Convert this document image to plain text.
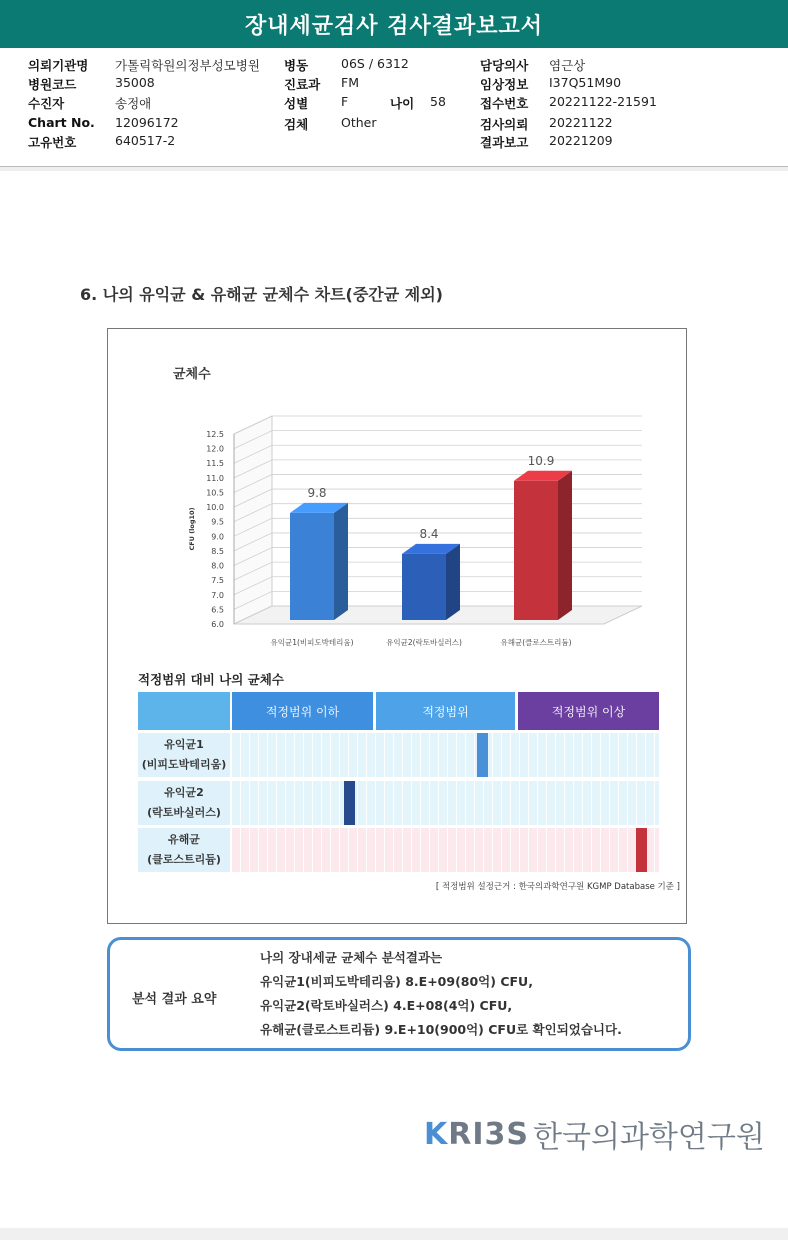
장내세균검사 검사결과보고서
의뢰기관명 가톨릭학원의정부성모병원 병동	06S / 6312	담당의사 염근상
병원코드	35008	진료과 FM	임상정보 I37Q51M90
수진자	송정애	성별	F	나이 58	접수번호 20221122-21591
Chart No. 12096172	검체	Other	검사의뢰 20221122
고유번호	640517-2	결과보고 20221209
6. 나의 유익균 & 유해균 균체수 차트(중간균 제외)
균체수
6.0
6.5
7.0
7.5
8.0
8.5
9.0
9.5
10.0
10.5
11.0
11.5
12.0
12.5
CFU (log10)
9.8
유익균1(비피도박테리움)
8.4
유익균2(락토바실러스)
10.9
유해균(클로스트리듐)
적정범위 대비 나의 균체수
적정범위 이하	적정범위	적정범위 이상
유익균1
(비피도박테리움)
유익균2
(락토바실러스)
유해균
(클로스트리듐)
[ 적정범위 설정근거 : 한국의과학연구원 KGMP Database 기준 ]
분석 결과 요약
나의 장내세균 균체수 분석결과는
유익균1(비피도박테리움) 8.E+09(80억) CFU,
유익균2(락토바실러스) 4.E+08(4억) CFU,
유해균(클로스트리듐) 9.E+10(900억) CFU로 확인되었습니다.
KRI3S 한국의과학연구원
